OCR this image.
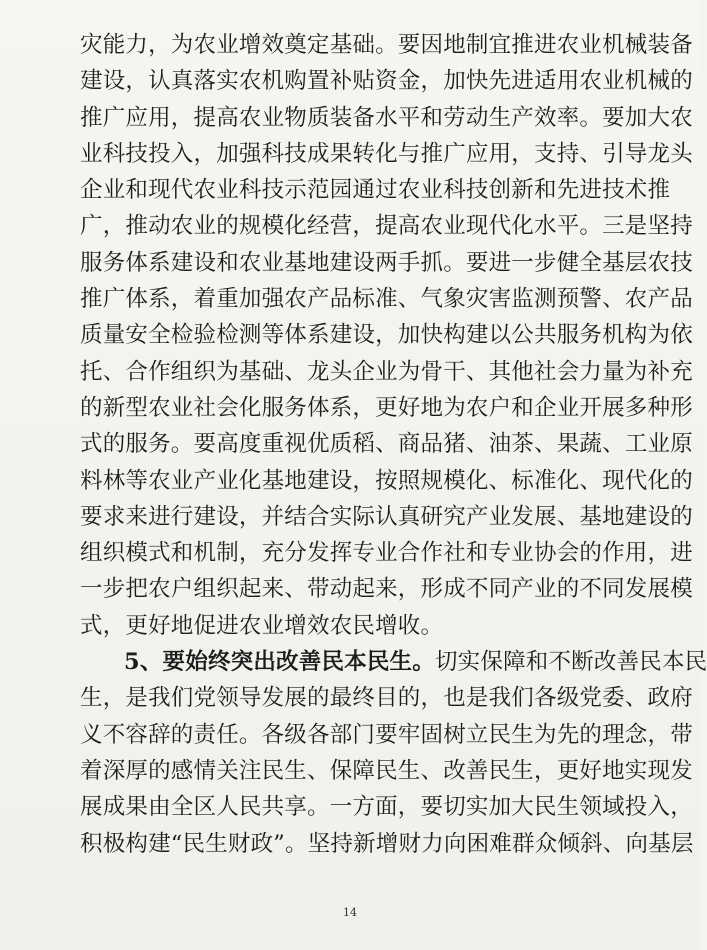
灾能力，为农业增效奠定基础。要因地制宜推进农业机械装备
建设，认真落实农机购置补贴资金，加快先进适用农业机械的
推广应用，提高农业物质装备水平和劳动生产效率。要加大农
业科技投入，加强科技成果转化与推广应用，支持、引导龙头
企业和现代农业科技示范园通过农业科技创新和先进技术推
广，推动农业的规模化经营，提高农业现代化水平。三是坚持
服务体系建设和农业基地建设两手抓。要进一步健全基层农技
推广体系，着重加强农产品标准、气象灾害监测预警、农产品
质量安全检验检测等体系建设，加快构建以公共服务机构为依
托、合作组织为基础、龙头企业为骨干、其他社会力量为补充
的新型农业社会化服务体系，更好地为农户和企业开展多种形
式的服务。要高度重视优质稻、商品猪、油茶、果蔬、工业原
料林等农业产业化基地建设，按照规模化、标准化、现代化的
要求来进行建设，并结合实际认真研究产业发展、基地建设的
组织模式和机制，充分发挥专业合作社和专业协会的作用，进
一步把农户组织起来、带动起来，形成不同产业的不同发展模
式，更好地促进农业增效农民增收。
5、要始终突出改善民本民生。切实保障和不断改善民本民
生，是我们党领导发展的最终目的，也是我们各级党委、政府
义不容辞的责任。各级各部门要牢固树立民生为先的理念，带
着深厚的感情关注民生、保障民生、改善民生，更好地实现发
展成果由全区人民共享。一方面，要切实加大民生领域投入，
积极构建“民生财政”。坚持新增财力向困难群众倾斜、向基层
14
